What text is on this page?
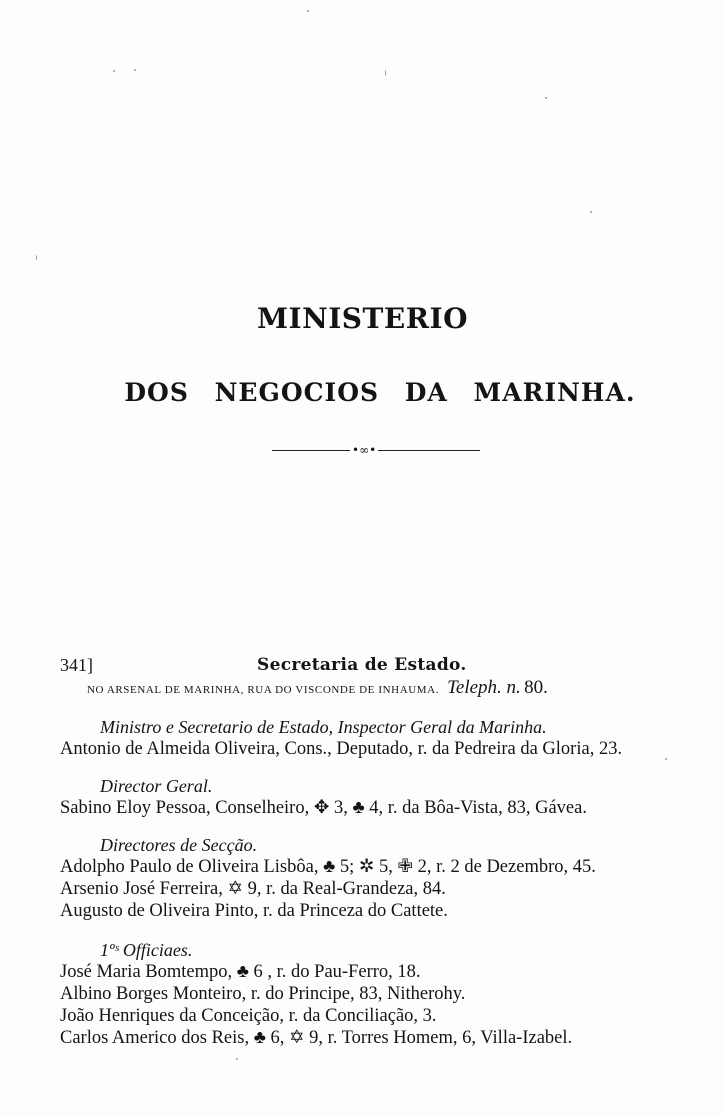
MINISTERIO
DOS NEGOCIOS DA MARINHA.
•∞•
341]	Secretaria de Estado.
NO ARSENAL DE MARINHA, RUA DO VISCONDE DE INHAUMA. Teleph. n. 80.
Ministro e Secretario de Estado, Inspector Geral da Marinha.
Antonio de Almeida Oliveira, Cons., Deputado, r. da Pedreira da Gloria, 23.
Director Geral.
Sabino Eloy Pessoa, Conselheiro, ✥ 3, ♣ 4, r. da Bôa-Vista, 83, Gávea.
Directores de Secção.
Adolpho Paulo de Oliveira Lisbôa, ♣ 5; ✲ 5, ✙ 2, r. 2 de Dezembro, 45.
Arsenio José Ferreira, ✡ 9, r. da Real-Grandeza, 84.
Augusto de Oliveira Pinto, r. da Princeza do Cattete.
1ºˢ Officiaes.
José Maria Bomtempo, ♣ 6 , r. do Pau-Ferro, 18.
Albino Borges Monteiro, r. do Principe, 83, Nitherohy.
João Henriques da Conceição, r. da Conciliação, 3.
Carlos Americo dos Reis, ♣ 6, ✡ 9, r. Torres Homem, 6, Villa-Izabel.
